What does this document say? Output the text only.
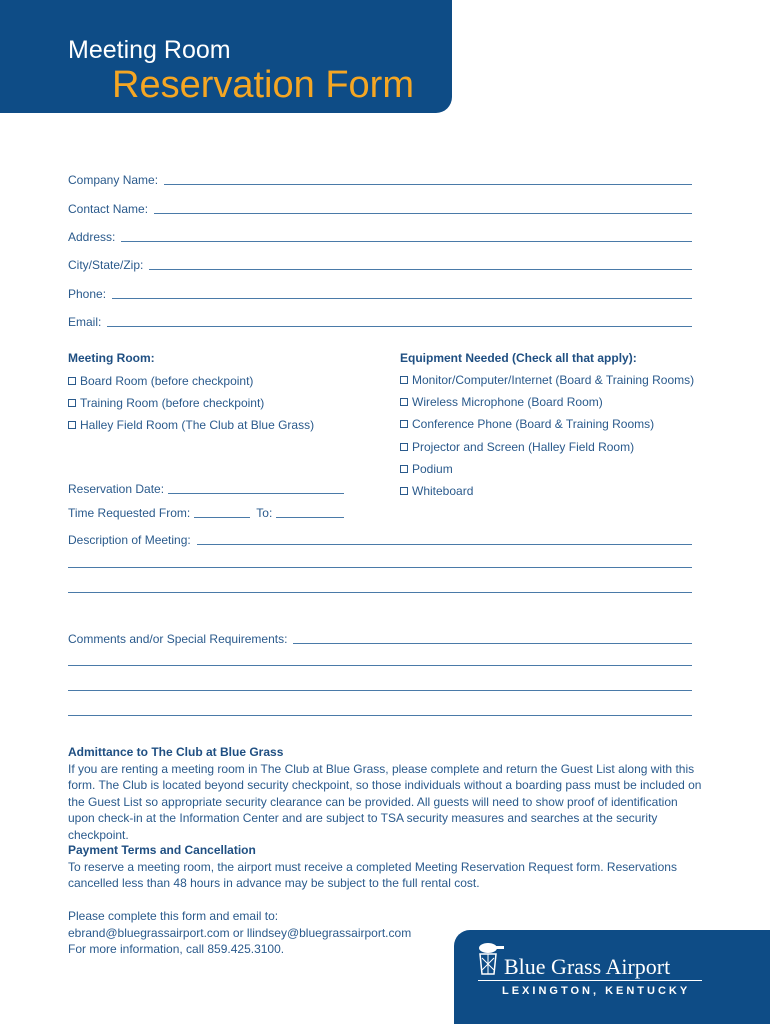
Meeting Room
Reservation Form
Company Name:
Contact Name:
Address:
City/State/Zip:
Phone:
Email:
Meeting Room:
Board Room (before checkpoint)
Training Room (before checkpoint)
Halley Field Room (The Club at Blue Grass)
Equipment Needed (Check all that apply):
Monitor/Computer/Internet (Board & Training Rooms)
Wireless Microphone (Board Room)
Conference Phone (Board & Training Rooms)
Projector and Screen (Halley Field Room)
Podium
Whiteboard
Reservation Date:
Time Requested From:	To:
Description of Meeting:
Comments and/or Special Requirements:
Admittance to The Club at Blue Grass
If you are renting a meeting room in The Club at Blue Grass, please complete and return the Guest List along with this form. The Club is located beyond security checkpoint, so those individuals without a boarding pass must be included on the Guest List so appropriate security clearance can be provided. All guests will need to show proof of identification upon check-in at the Information Center and are subject to TSA security measures and searches at the security checkpoint.
Payment Terms and Cancellation
To reserve a meeting room, the airport must receive a completed Meeting Reservation Request form. Reservations cancelled less than 48 hours in advance may be subject to the full rental cost.
Please complete this form and email to:
ebrand@bluegrassairport.com or llindsey@bluegrassairport.com
For more information, call 859.425.3100.
Blue Grass Airport
LEXINGTON, KENTUCKY
